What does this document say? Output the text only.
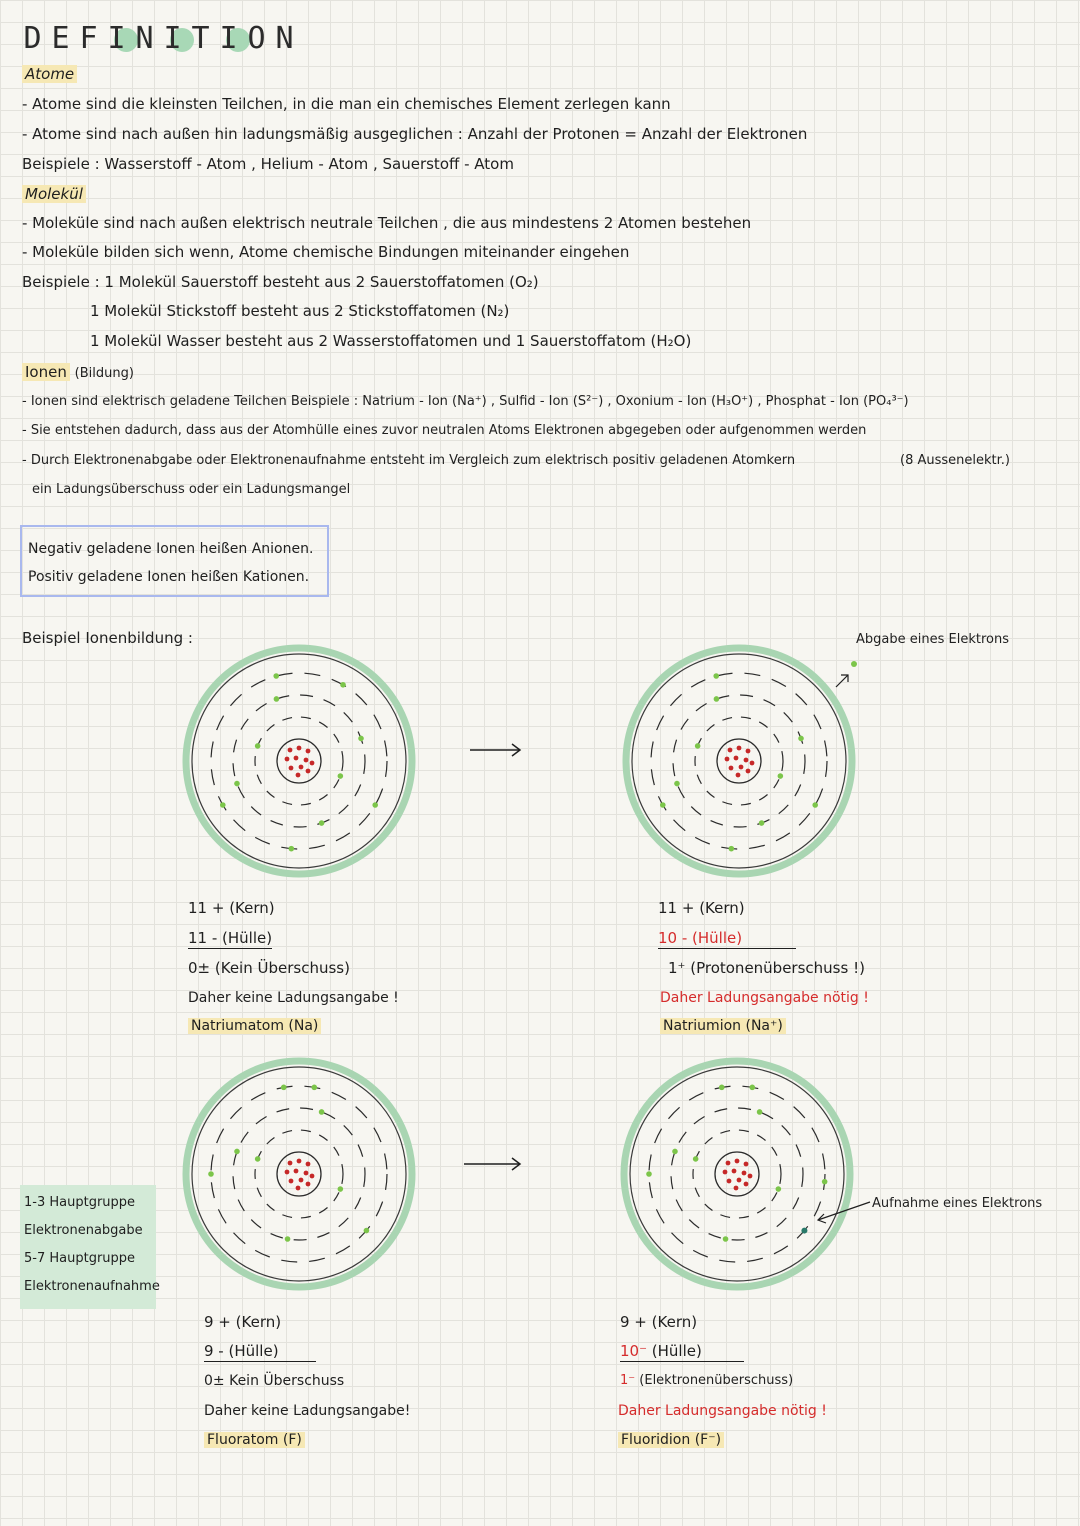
D E F I N I T I O N
Atome
- Atome sind die kleinsten Teilchen, in die man ein chemisches Element zerlegen kann
- Atome sind nach außen hin ladungsmäßig ausgeglichen : Anzahl der Protonen = Anzahl der Elektronen
Beispiele : Wasserstoff - Atom , Helium - Atom , Sauerstoff - Atom
Molekül
- Moleküle sind nach außen elektrisch neutrale Teilchen , die aus mindestens 2 Atomen bestehen
- Moleküle bilden sich wenn, Atome chemische Bindungen miteinander eingehen
Beispiele : 1 Molekül Sauerstoff besteht aus 2 Sauerstoffatomen (O₂)
1 Molekül Stickstoff besteht aus 2 Stickstoffatomen (N₂)
1 Molekül Wasser besteht aus 2 Wasserstoffatomen und 1 Sauerstoffatom (H₂O)
Ionen (Bildung)
- Ionen sind elektrisch geladene Teilchen Beispiele : Natrium - Ion (Na⁺) , Sulfid - Ion (S²⁻) , Oxonium - Ion (H₃O⁺) , Phosphat - Ion (PO₄³⁻)
- Sie entstehen dadurch, dass aus der Atomhülle eines zuvor neutralen Atoms Elektronen abgegeben oder aufgenommen werden
- Durch Elektronenabgabe oder Elektronenaufnahme entsteht im Vergleich zum elektrisch positiv geladenen Atomkern	(8 Aussenelektr.)
ein Ladungsüberschuss oder ein Ladungsmangel
Negativ geladene Ionen heißen Anionen.
Positiv geladene Ionen heißen Kationen.
Beispiel Ionenbildung :	Abgabe eines Elektrons
Aufnahme eines Elektrons
11 + (Kern)
11 - (Hülle)
0± (Kein Überschuss)
Daher keine Ladungsangabe !
Natriumatom (Na)
11 + (Kern)
10 - (Hülle)
1⁺ (Protonenüberschuss !)
Daher Ladungsangabe nötig !
Natriumion (Na⁺)
1-3 Hauptgruppe
Elektronenabgabe
5-7 Hauptgruppe
Elektronenaufnahme
9 + (Kern)
9 - (Hülle)
0± Kein Überschuss
Daher keine Ladungsangabe!
Fluoratom (F)
9 + (Kern)
10⁻ (Hülle)
1⁻ (Elektronenüberschuss)
Daher Ladungsangabe nötig !
Fluoridion (F⁻)
